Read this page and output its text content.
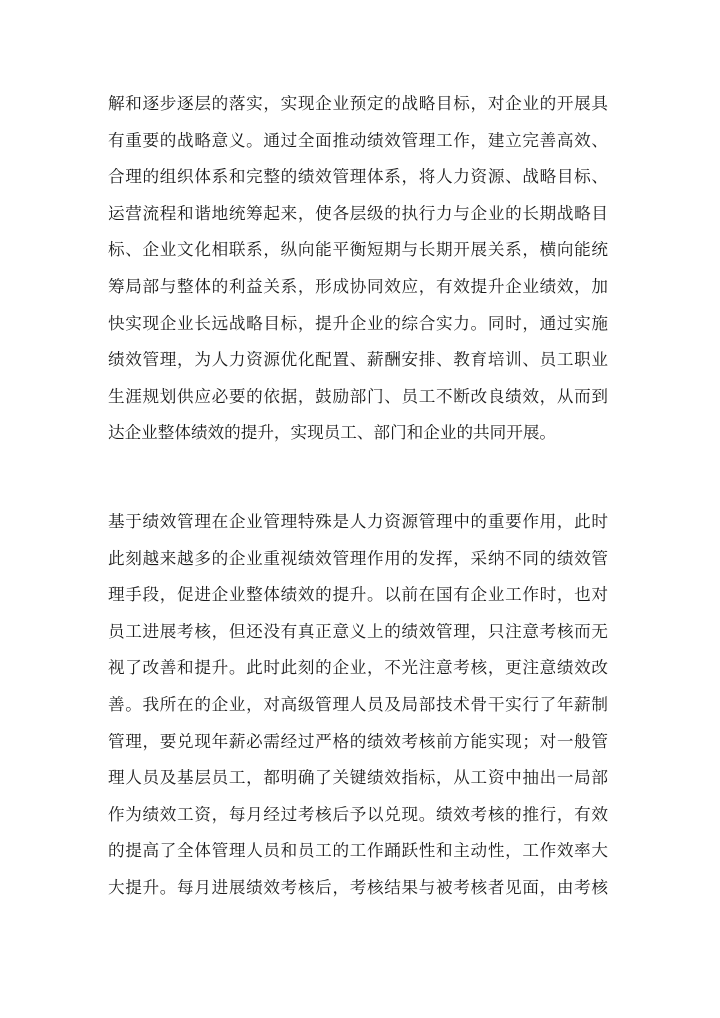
解和逐步逐层的落实，实现企业预定的战略目标，对企业的开展具
有重要的战略意义。通过全面推动绩效管理工作，建立完善高效、
合理的组织体系和完整的绩效管理体系，将人力资源、战略目标、
运营流程和谐地统筹起来，使各层级的执行力与企业的长期战略目
标、企业文化相联系，纵向能平衡短期与长期开展关系，横向能统
筹局部与整体的利益关系，形成协同效应，有效提升企业绩效，加
快实现企业长远战略目标，提升企业的综合实力。同时，通过实施
绩效管理，为人力资源优化配置、薪酬安排、教育培训、员工职业
生涯规划供应必要的依据，鼓励部门、员工不断改良绩效，从而到
达企业整体绩效的提升，实现员工、部门和企业的共同开展。
基于绩效管理在企业管理特殊是人力资源管理中的重要作用，此时
此刻越来越多的企业重视绩效管理作用的发挥，采纳不同的绩效管
理手段，促进企业整体绩效的提升。以前在国有企业工作时，也对
员工进展考核，但还没有真正意义上的绩效管理，只注意考核而无
视了改善和提升。此时此刻的企业，不光注意考核，更注意绩效改
善。我所在的企业，对高级管理人员及局部技术骨干实行了年薪制
管理，要兑现年薪必需经过严格的绩效考核前方能实现；对一般管
理人员及基层员工，都明确了关键绩效指标，从工资中抽出一局部
作为绩效工资，每月经过考核后予以兑现。绩效考核的推行，有效
的提高了全体管理人员和员工的工作踊跃性和主动性，工作效率大
大提升。每月进展绩效考核后，考核结果与被考核者见面，由考核
